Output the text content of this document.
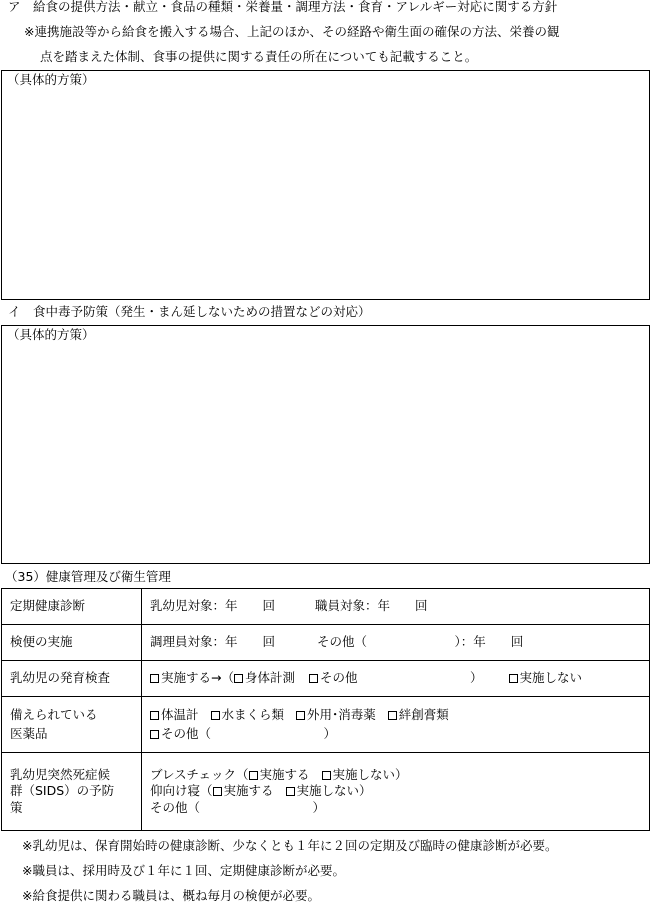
ア　給食の提供方法・献立・食品の種類・栄養量・調理方法・食育・アレルギー対応に関する方針
※連携施設等から給食を搬入する場合、上記のほか、その経路や衛生面の確保の方法、栄養の観
点を踏まえた体制、食事の提供に関する責任の所在についても記載すること。
（具体的方策）
イ　食中毒予防策（発生・まん延しないための措置などの対応）
（具体的方策）
（35）健康管理及び衛生管理
定期健康診断	乳幼児対象：年　　回 職員対象：年　　回
検便の実施	調理員対象：年　　回 その他（　　　　　　　）：年　　回
乳幼児の発育検査	実施する→（ 身体計測 その他　　　　　　　　　） 実施しない

備えられている
医薬品	体温計 水まくら類 外用･消毒薬 絆創膏類
その他（　　　　　　　　　）

乳幼児突然死症候
群（SIDS）の予防
策	ブレスチェック（ 実施する 実施しない）
仰向け寝（ 実施する 実施しない）
その他（　　　　　　　　　）
※乳幼児は、保育開始時の健康診断、少なくとも１年に２回の定期及び臨時の健康診断が必要。
※職員は、採用時及び１年に１回、定期健康診断が必要。
※給食提供に関わる職員は、概ね毎月の検便が必要。
